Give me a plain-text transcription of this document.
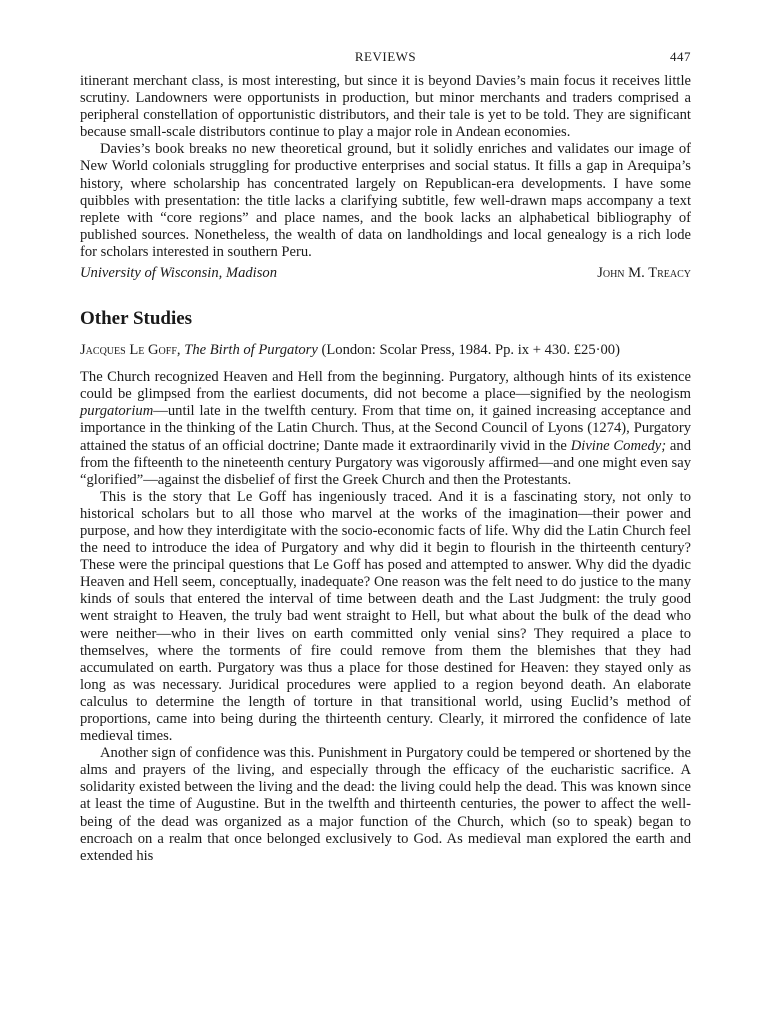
REVIEWS	447

itinerant merchant class, is most interesting, but since it is beyond Davies’s main focus it receives little scrutiny. Landowners were opportunists in production, but minor merchants and traders comprised a peripheral constellation of opportunistic distributors, and their tale is yet to be told. They are significant because small-scale distributors continue to play a major role in Andean economies.

Davies’s book breaks no new theoretical ground, but it solidly enriches and validates our image of New World colonials struggling for productive enterprises and social status. It fills a gap in Arequipa’s history, where scholarship has concentrated largely on Republican-era developments. I have some quibbles with presentation: the title lacks a clarifying subtitle, few well-drawn maps accompany a text replete with “core regions” and place names, and the book lacks an alphabetical bibliography of published sources. Nonetheless, the wealth of data on landholdings and local genealogy is a rich lode for scholars interested in southern Peru.

University of Wisconsin, Madison	John M. Treacy
Other Studies

Jacques Le Goff, The Birth of Purgatory (London: Scolar Press, 1984. Pp. ix + 430. £25·00)

The Church recognized Heaven and Hell from the beginning. Purgatory, although hints of its existence could be glimpsed from the earliest documents, did not become a place—signified by the neologism purgatorium—until late in the twelfth century. From that time on, it gained increasing acceptance and importance in the thinking of the Latin Church. Thus, at the Second Council of Lyons (1274), Purgatory attained the status of an official doctrine; Dante made it extraordinarily vivid in the Divine Comedy; and from the fifteenth to the nineteenth century Purgatory was vigorously affirmed—and one might even say “glorified”—against the disbelief of first the Greek Church and then the Protestants.

This is the story that Le Goff has ingeniously traced. And it is a fascinating story, not only to historical scholars but to all those who marvel at the works of the imagination—their power and purpose, and how they interdigitate with the socio-economic facts of life. Why did the Latin Church feel the need to introduce the idea of Purgatory and why did it begin to flourish in the thirteenth century? These were the principal questions that Le Goff has posed and attempted to answer. Why did the dyadic Heaven and Hell seem, conceptually, inadequate? One reason was the felt need to do justice to the many kinds of souls that entered the interval of time between death and the Last Judgment: the truly good went straight to Heaven, the truly bad went straight to Hell, but what about the bulk of the dead who were neither—who in their lives on earth committed only venial sins? They required a place to themselves, where the torments of fire could remove from them the blemishes that they had accumulated on earth. Purgatory was thus a place for those destined for Heaven: they stayed only as long as was necessary. Juridical procedures were applied to a region beyond death. An elaborate calculus to determine the length of torture in that transitional world, using Euclid’s method of proportions, came into being during the thirteenth century. Clearly, it mirrored the confidence of late medieval times.

Another sign of confidence was this. Punishment in Purgatory could be tempered or shortened by the alms and prayers of the living, and especially through the efficacy of the eucharistic sacrifice. A solidarity existed between the living and the dead: the living could help the dead. This was known since at least the time of Augustine. But in the twelfth and thirteenth centuries, the power to affect the well-being of the dead was organized as a major function of the Church, which (so to speak) began to encroach on a realm that once belonged exclusively to God. As medieval man explored the earth and extended his
